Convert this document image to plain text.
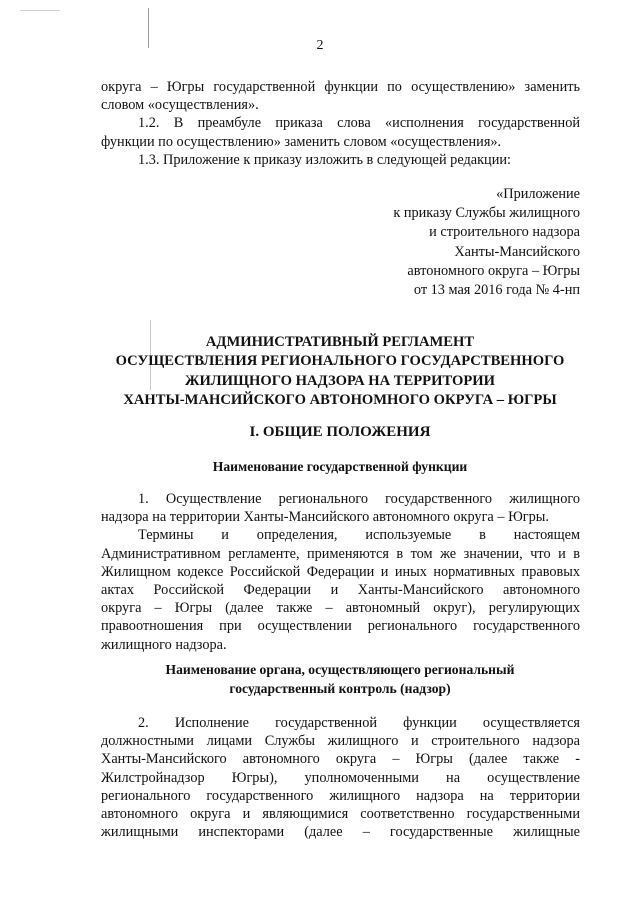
2

округа – Югры государственной функции по осуществлению» заменить

словом «осуществления».

1.2. В преамбуле приказа слова «исполнения государственной

функции по осуществлению» заменить словом «осуществления».

1.3. Приложение к приказу изложить в следующей редакции:

«Приложение
к приказу Службы жилищного
и строительного надзора
Ханты-Мансийского
автономного округа – Югры
от 13 мая 2016 года № 4-нп
АДМИНИСТРАТИВНЫЙ РЕГЛАМЕНТ
ОСУЩЕСТВЛЕНИЯ РЕГИОНАЛЬНОГО ГОСУДАРСТВЕННОГО
ЖИЛИЩНОГО НАДЗОРА НА ТЕРРИТОРИИ
ХАНТЫ-МАНСИЙСКОГО АВТОНОМНОГО ОКРУГА – ЮГРЫ
I. ОБЩИЕ ПОЛОЖЕНИЯ
Наименование государственной функции

1. Осуществление регионального государственного жилищного

надзора на территории Ханты-Мансийского автономного округа – Югры.

Термины и определения, используемые в настоящем

Административном регламенте, применяются в том же значении, что и в

Жилищном кодексе Российской Федерации и иных нормативных правовых

актах Российской Федерации и Ханты-Мансийского автономного

округа – Югры (далее также – автономный округ), регулирующих

правоотношения при осуществлении регионального государственного

жилищного надзора.

Наименование органа, осуществляющего региональный
государственный контроль (надзор)

2. Исполнение государственной функции осуществляется

должностными лицами Службы жилищного и строительного надзора

Ханты-Мансийского автономного округа – Югры (далее также -

Жилстройнадзор Югры), уполномоченными на осуществление

регионального государственного жилищного надзора на территории

автономного округа и являющимися соответственно государственными

жилищными инспекторами (далее – государственные жилищные
